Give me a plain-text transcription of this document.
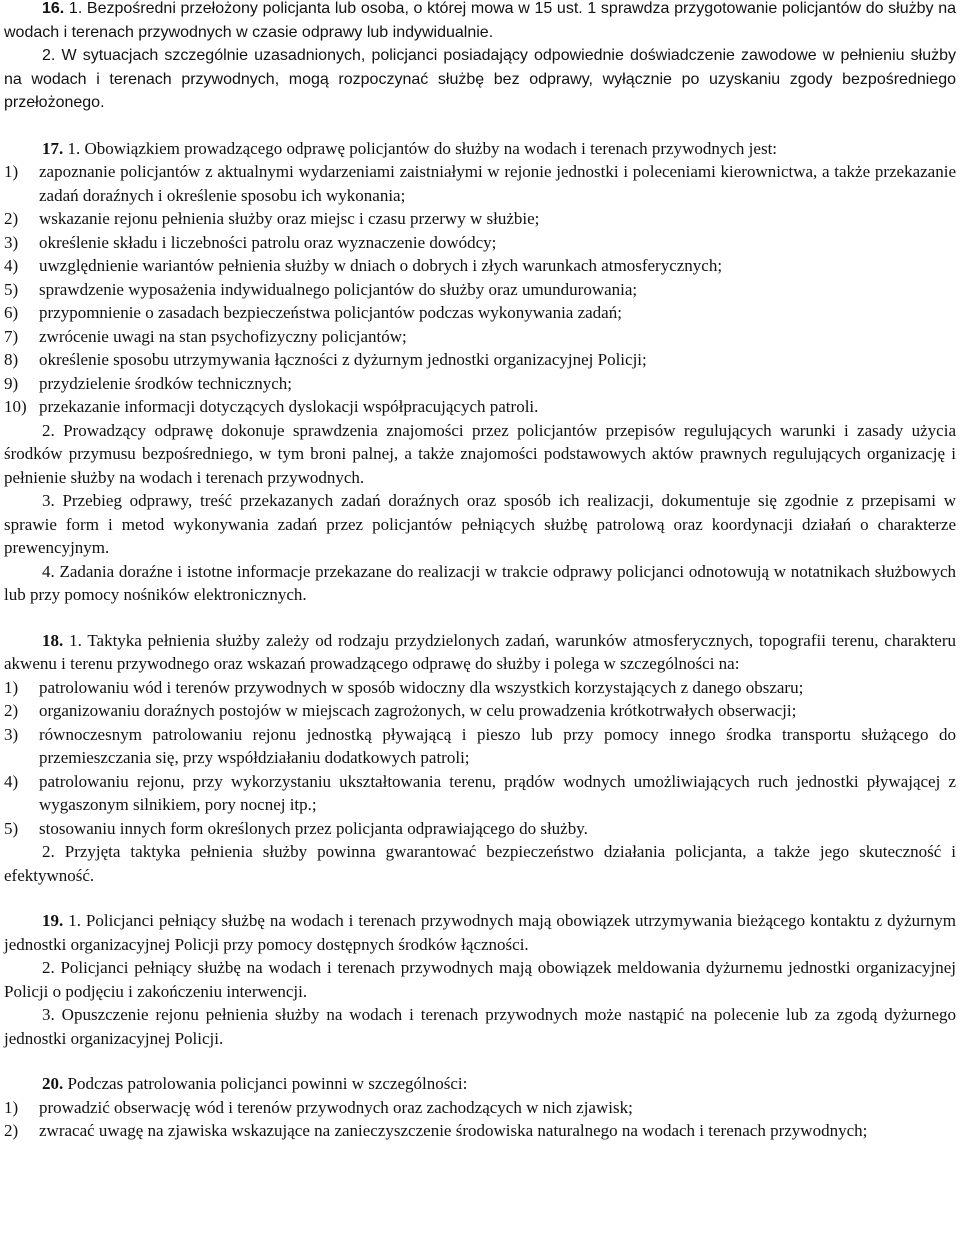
16. 1. Bezpośredni przełożony policjanta lub osoba, o której mowa w 15 ust. 1 sprawdza przygotowanie policjantów do służby na wodach i terenach przywodnych w czasie odprawy lub indywidualnie.

2. W sytuacjach szczególnie uzasadnionych, policjanci posiadający odpowiednie doświadczenie zawodowe w pełnieniu służby na wodach i terenach przywodnych, mogą rozpoczynać służbę bez odprawy, wyłącznie po uzyskaniu zgody bezpośredniego przełożonego.

17. 1. Obowiązkiem prowadzącego odprawę policjantów do służby na wodach i terenach przywodnych jest:

1)	zapoznanie policjantów z aktualnymi wydarzeniami zaistniałymi w rejonie jednostki i poleceniami kierownictwa, a także przekazanie zadań doraźnych i określenie sposobu ich wykonania;
2)	wskazanie rejonu pełnienia służby oraz miejsc i czasu przerwy w służbie;
3)	określenie składu i liczebności patrolu oraz wyznaczenie dowódcy;
4)	uwzględnienie wariantów pełnienia służby w dniach o dobrych i złych warunkach atmosferycznych;
5)	sprawdzenie wyposażenia indywidualnego policjantów do służby oraz umundurowania;
6)	przypomnienie o zasadach bezpieczeństwa policjantów podczas wykonywania zadań;
7)	zwrócenie uwagi na stan psychofizyczny policjantów;
8)	określenie sposobu utrzymywania łączności z dyżurnym jednostki organizacyjnej Policji;
9)	przydzielenie środków technicznych;
10) przekazanie informacji dotyczących dyslokacji współpracujących patroli.

2. Prowadzący odprawę dokonuje sprawdzenia znajomości przez policjantów przepisów regulujących warunki i zasady użycia środków przymusu bezpośredniego, w tym broni palnej, a także znajomości podstawowych aktów prawnych regulujących organizację i pełnienie służby na wodach i terenach przywodnych.

3. Przebieg odprawy, treść przekazanych zadań doraźnych oraz sposób ich realizacji, dokumentuje się zgodnie z przepisami w sprawie form i metod wykonywania zadań przez policjantów pełniących służbę patrolową oraz koordynacji działań o charakterze prewencyjnym.

4. Zadania doraźne i istotne informacje przekazane do realizacji w trakcie odprawy policjanci odnotowują w notatnikach służbowych lub przy pomocy nośników elektronicznych.

18. 1. Taktyka pełnienia służby zależy od rodzaju przydzielonych zadań, warunków atmosferycznych, topografii terenu, charakteru akwenu i terenu przywodnego oraz wskazań prowadzącego odprawę do służby i polega w szczególności na:

1)	patrolowaniu wód i terenów przywodnych w sposób widoczny dla wszystkich korzystających z danego obszaru;
2)	organizowaniu doraźnych postojów w miejscach zagrożonych, w celu prowadzenia krótkotrwałych obserwacji;
3)	równoczesnym patrolowaniu rejonu jednostką pływającą i pieszo lub przy pomocy innego środka transportu służącego do przemieszczania się, przy współdziałaniu dodatkowych patroli;
4)	patrolowaniu rejonu, przy wykorzystaniu ukształtowania terenu, prądów wodnych umożliwiających ruch jednostki pływającej z wygaszonym silnikiem, pory nocnej itp.;
5)	stosowaniu innych form określonych przez policjanta odprawiającego do służby.

2. Przyjęta taktyka pełnienia służby powinna gwarantować bezpieczeństwo działania policjanta, a także jego skuteczność i efektywność.

19. 1. Policjanci pełniący służbę na wodach i terenach przywodnych mają obowiązek utrzymywania bieżącego kontaktu z dyżurnym jednostki organizacyjnej Policji przy pomocy dostępnych środków łączności.

2. Policjanci pełniący służbę na wodach i terenach przywodnych mają obowiązek meldowania dyżurnemu jednostki organizacyjnej Policji o podjęciu i zakończeniu interwencji.

3. Opuszczenie rejonu pełnienia służby na wodach i terenach przywodnych może nastąpić na polecenie lub za zgodą dyżurnego jednostki organizacyjnej Policji.

20. Podczas patrolowania policjanci powinni w szczególności:

1)	prowadzić obserwację wód i terenów przywodnych oraz zachodzących w nich zjawisk;
2)	zwracać uwagę na zjawiska wskazujące na zanieczyszczenie środowiska naturalnego na wodach i terenach przywodnych;
